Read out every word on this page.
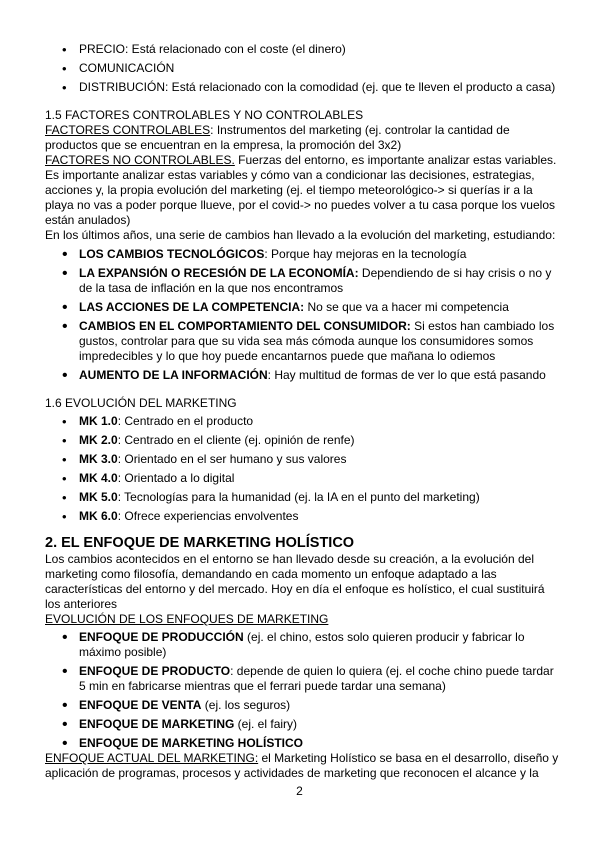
• PRECIO: Está relacionado con el coste (el dinero)
• COMUNICACIÓN
• DISTRIBUCIÓN: Está relacionado con la comodidad (ej. que te lleven el producto a casa)

1.5 FACTORES CONTROLABLES Y NO CONTROLABLES

FACTORES CONTROLABLES: Instrumentos del marketing (ej. controlar la cantidad de productos que se encuentran en la empresa, la promoción del 3x2)

FACTORES NO CONTROLABLES. Fuerzas del entorno, es importante analizar estas variables. Es importante analizar estas variables y cómo van a condicionar las decisiones, estrategias, acciones y, la propia evolución del marketing (ej. el tiempo meteorológico-> si querías ir a la playa no vas a poder porque llueve, por el covid-> no puedes volver a tu casa porque los vuelos están anulados)

En los últimos años, una serie de cambios han llevado a la evolución del marketing, estudiando:

• LOS CAMBIOS TECNOLÓGICOS: Porque hay mejoras en la tecnología
• LA EXPANSIÓN O RECESIÓN DE LA ECONOMÍA: Dependiendo de si hay crisis o no y de la tasa de inflación en la que nos encontramos
• LAS ACCIONES DE LA COMPETENCIA: No se que va a hacer mi competencia
• CAMBIOS EN EL COMPORTAMIENTO DEL CONSUMIDOR: Si estos han cambiado los gustos, controlar para que su vida sea más cómoda aunque los consumidores somos impredecibles y lo que hoy puede encantarnos puede que mañana lo odiemos
• AUMENTO DE LA INFORMACIÓN: Hay multitud de formas de ver lo que está pasando

1.6 EVOLUCIÓN DEL MARKETING

• MK 1.0: Centrado en el producto
• MK 2.0: Centrado en el cliente (ej. opinión de renfe)
• MK 3.0: Orientado en el ser humano y sus valores
• MK 4.0: Orientado a lo digital
• MK 5.0: Tecnologías para la humanidad (ej. la IA en el punto del marketing)
• MK 6.0: Ofrece experiencias envolventes

2. EL ENFOQUE DE MARKETING HOLÍSTICO

Los cambios acontecidos en el entorno se han llevado desde su creación, a la evolución del marketing como filosofía, demandando en cada momento un enfoque adaptado a las características del entorno y del mercado. Hoy en día el enfoque es holístico, el cual sustituirá los anteriores

EVOLUCIÓN DE LOS ENFOQUES DE MARKETING

• ENFOQUE DE PRODUCCIÓN (ej. el chino, estos solo quieren producir y fabricar lo máximo posible)
• ENFOQUE DE PRODUCTO: depende de quien lo quiera (ej. el coche chino puede tardar 5 min en fabricarse mientras que el ferrari puede tardar una semana)
• ENFOQUE DE VENTA (ej. los seguros)
• ENFOQUE DE MARKETING (ej. el fairy)
• ENFOQUE DE MARKETING HOLÍSTICO

ENFOQUE ACTUAL DEL MARKETING: el Marketing Holístico se basa en el desarrollo, diseño y aplicación de programas, procesos y actividades de marketing que reconocen el alcance y la

2
